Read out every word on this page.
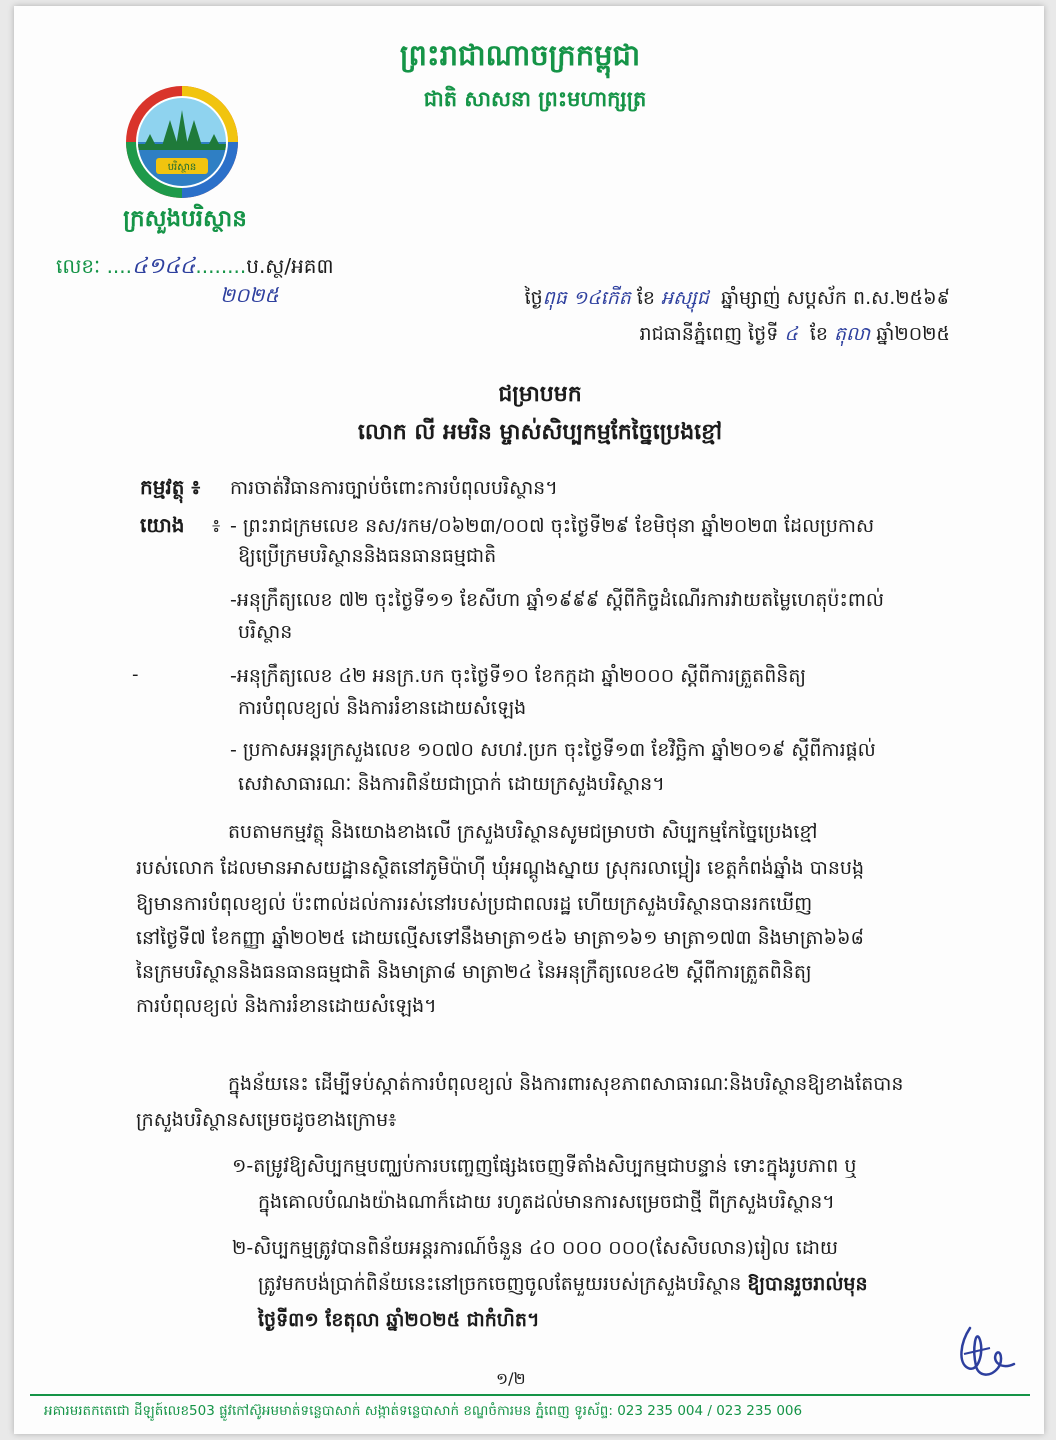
ព្រះរាជាណាចក្រកម្ពុជា
ជាតិ សាសនា ព្រះមហាក្សត្រ
បរិស្ថាន
ក្រសួងបរិស្ថាន
លេខៈ ....៤១៤៤........ប.ស្ថ/អគ៣
២០២៥	ថ្ងៃពុធ ១៤កើត ខែ អស្សុជ ឆ្នាំម្សាញ់ សប្តស័ក ព.ស.២៥៦៩
រាជធានីភ្នំពេញ ថ្ងៃទី ៤ ខែ តុលា ឆ្នាំ២០២៥
ជម្រាបមក
លោក លី អមរិន ម្ចាស់សិប្បកម្មកែច្នៃប្រេងខ្មៅ
កម្មវត្ថុ ៖ ការចាត់វិធានការច្បាប់ចំពោះការបំពុលបរិស្ថាន។
យោង ៖ - ព្រះរាជក្រមលេខ នស/រកម/០៦២៣/០០៧ ចុះថ្ងៃទី២៩ ខែមិថុនា ឆ្នាំ២០២៣ ដែលប្រកាស
ឱ្យប្រើក្រមបរិស្ថាននិងធនធានធម្មជាតិ
-អនុក្រឹត្យលេខ ៧២ ចុះថ្ងៃទី១១ ខែសីហា ឆ្នាំ១៩៩៩ ស្តីពីកិច្ចដំណើរការវាយតម្លៃហេតុប៉ះពាល់
បរិស្ថាន
-	-អនុក្រឹត្យលេខ ៤២ អនក្រ.បក ចុះថ្ងៃទី១០ ខែកក្កដា ឆ្នាំ២០០០ ស្តីពីការត្រួតពិនិត្យ
ការបំពុលខ្យល់ និងការរំខានដោយសំឡេង
- ប្រកាសអន្តរក្រសួងលេខ ១០៧០ សហវ.ប្រក ចុះថ្ងៃទី១៣ ខែវិច្ឆិកា ឆ្នាំ២០១៩ ស្តីពីការផ្តល់
សេវាសាធារណៈ និងការពិន័យជាប្រាក់ ដោយក្រសួងបរិស្ថាន។
តបតាមកម្មវត្ថុ និងយោងខាងលើ ក្រសួងបរិស្ថានសូមជម្រាបថា សិប្បកម្មកែច្នៃប្រេងខ្មៅ
របស់លោក ដែលមានអាសយដ្ឋានស្ថិតនៅភូមិប៉ាហ៊ី ឃុំអណ្តូងស្នាយ ស្រុករលាប្អៀរ ខេត្តកំពង់ឆ្នាំង បានបង្ក
ឱ្យមានការបំពុលខ្យល់ ប៉ះពាល់ដល់ការរស់នៅរបស់ប្រជាពលរដ្ឋ ហើយក្រសួងបរិស្ថានបានរកឃើញ
នៅថ្ងៃទី៧ ខែកញ្ញា ឆ្នាំ២០២៥ ដោយល្មើសទៅនឹងមាត្រា១៥៦ មាត្រា១៦១ មាត្រា១៧៣ និងមាត្រា៦៦៨
នៃក្រមបរិស្ថាននិងធនធានធម្មជាតិ និងមាត្រា៨ មាត្រា២៤ នៃអនុក្រឹត្យលេខ៤២ ស្តីពីការត្រួតពិនិត្យ
ការបំពុលខ្យល់ និងការរំខានដោយសំឡេង។
ក្នុងន័យនេះ ដើម្បីទប់ស្កាត់ការបំពុលខ្យល់ និងការពារសុខភាពសាធារណៈនិងបរិស្ថានឱ្យខាងតែបាន
ក្រសួងបរិស្ថានសម្រេចដូចខាងក្រោម៖
១-តម្រូវឱ្យសិប្បកម្មបញ្ឈប់ការបញ្ចេញផ្សែងចេញទីតាំងសិប្បកម្មជាបន្ទាន់ ទោះក្នុងរូបភាព ឬ
ក្នុងគោលបំណងយ៉ាងណាក៏ដោយ រហូតដល់មានការសម្រេចជាថ្មី ពីក្រសួងបរិស្ថាន។
២-សិប្បកម្មត្រូវបានពិន័យអន្តរការណ៍ចំនួន ៤០ ០០០ ០០០(សែសិបលាន)រៀល ដោយ
ត្រូវមកបង់ប្រាក់ពិន័យនេះនៅច្រកចេញចូលតែមួយរបស់ក្រសួងបរិស្ថាន ឱ្យបានរួចរាល់មុន
ថ្ងៃទី៣១ ខែតុលា ឆ្នាំ២០២៥ ជាកំហិត។
១/២
អគារមរតកតេជោ ដីឡូត៍លេខ503 ផ្លូវកៅស៊ូអមមាត់ទន្លេបាសាក់ សង្កាត់ទន្លេបាសាក់ ខណ្ឌចំការមន ភ្នំពេញ ទូរស័ព្ទ: 023 235 004 / 023 235 006
